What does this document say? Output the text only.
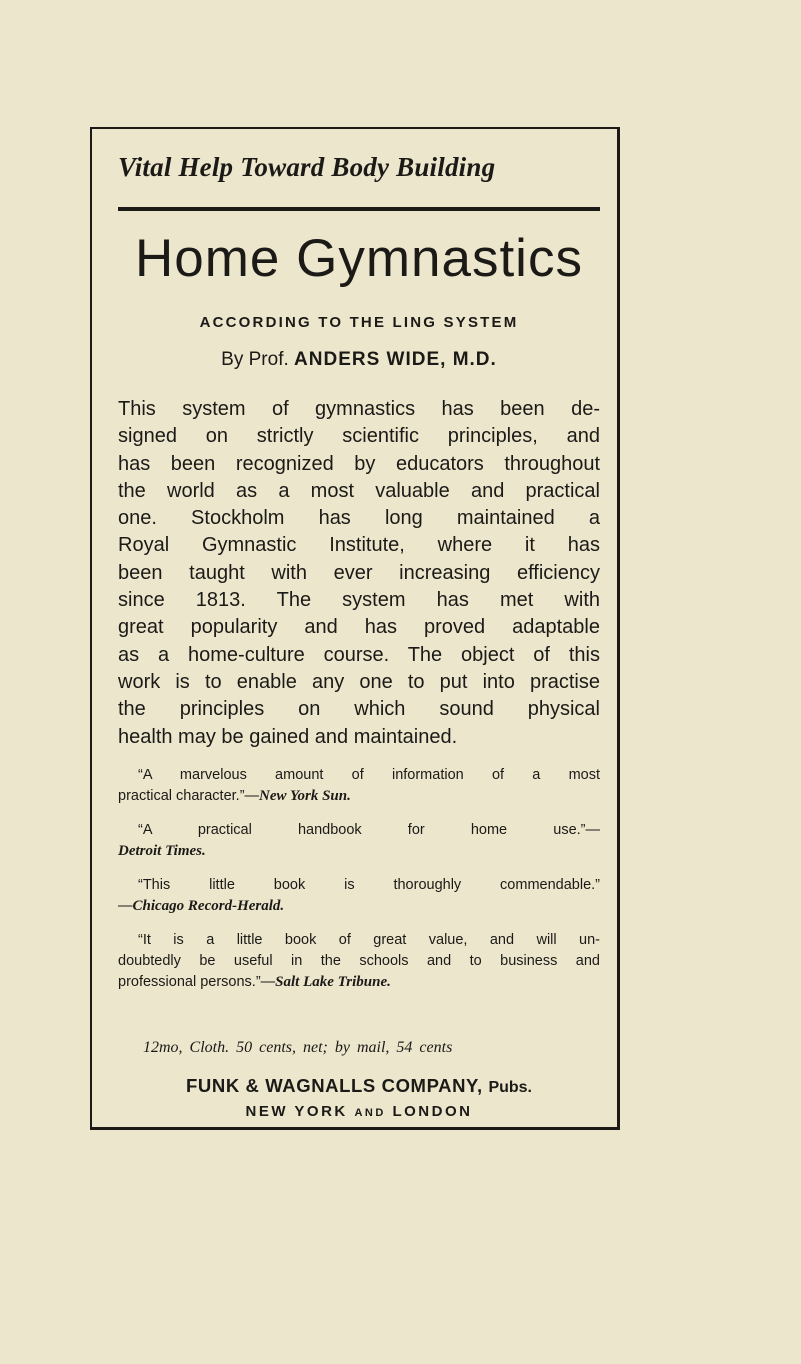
Vital Help Toward Body Building
Home Gymnastics
ACCORDING TO THE LING SYSTEM
By Prof. ANDERS WIDE, M.D.
This system of gymnastics has been de-
signed on strictly scientific principles, and
has been recognized by educators throughout
the world as a most valuable and practical
one. Stockholm has long maintained a
Royal Gymnastic Institute, where it has
been taught with ever increasing efficiency
since 1813. The system has met with
great popularity and has proved adaptable
as a home-culture course. The object of this
work is to enable any one to put into practise
the principles on which sound physical
health may be gained and maintained.
“A marvelous amount of information of a most
practical character.”—New York Sun.
“A practical handbook for home use.”—
Detroit Times.
“This little book is thoroughly commendable.”
—Chicago Record-Herald.
“It is a little book of great value, and will un-
doubtedly be useful in the schools and to business and
professional persons.”—Salt Lake Tribune.
12mo, Cloth. 50 cents, net; by mail, 54 cents
FUNK & WAGNALLS COMPANY, Pubs.
NEW YORK AND LONDON
